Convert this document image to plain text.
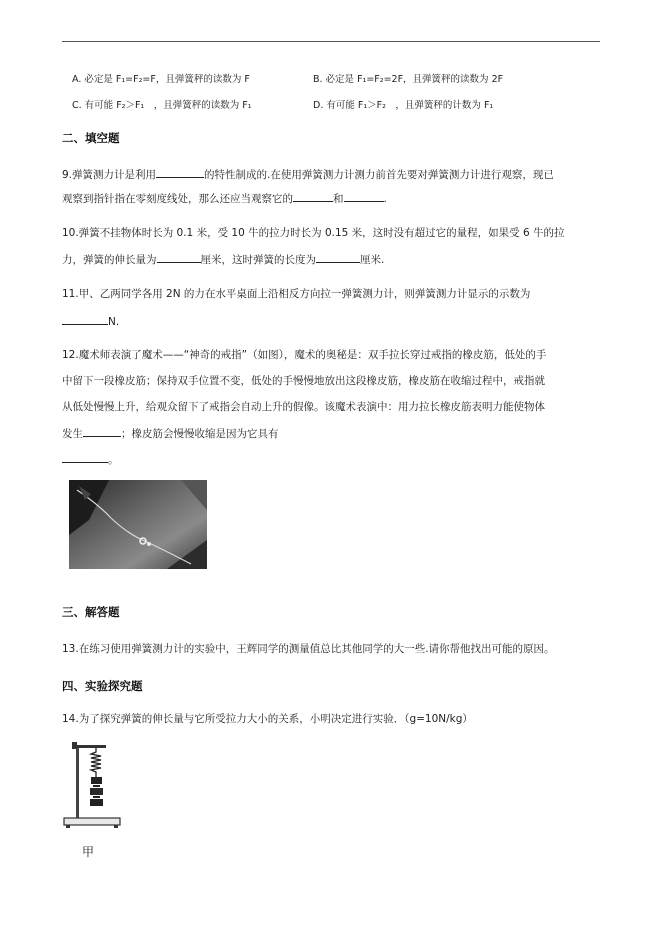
A. 必定是 F₁=F₂=F，且弹簧秤的读数为 F	B. 必定是 F₁=F₂=2F，且弹簧秤的读数为 2F
C. 有可能 F₂＞F₁　，且弹簧秤的读数为 F₁	D. 有可能 F₁＞F₂　，且弹簧秤的计数为 F₁
二、填空题
9.弹簧测力计是利用	的特性制成的.在使用弹簧测力计测力前首先要对弹簧测力计进行观察，现已
观察到指针指在零刻度线处，那么还应当观察它的	和	.
10.弹簧不挂物体时长为 0.1 米，受 10 牛的拉力时长为 0.15 米，这时没有超过它的量程，如果受 6 牛的拉
力，弹簧的伸长量为	厘米，这时弹簧的长度为	厘米.
11.甲、乙两同学各用 2N 的力在水平桌面上沿相反方向拉一弹簧测力计，则弹簧测力计显示的示数为
N.
12.魔术师表演了魔术——“神奇的戒指”（如图），魔术的奥秘是：双手拉长穿过戒指的橡皮筋，低处的手
中留下一段橡皮筋；保持双手位置不变，低处的手慢慢地放出这段橡皮筋，橡皮筋在收缩过程中，戒指就
从低处慢慢上升，给观众留下了戒指会自动上升的假像。该魔术表演中：用力拉长橡皮筋表明力能使物体
发生	；橡皮筋会慢慢收缩是因为它具有
。
三、解答题
13.在练习使用弹簧测力计的实验中，王辉同学的测量值总比其他同学的大一些.请你帮他找出可能的原因。
四、实验探究题
14.为了探究弹簧的伸长量与它所受拉力大小的关系，小明决定进行实验．（g=10N/kg）
甲
